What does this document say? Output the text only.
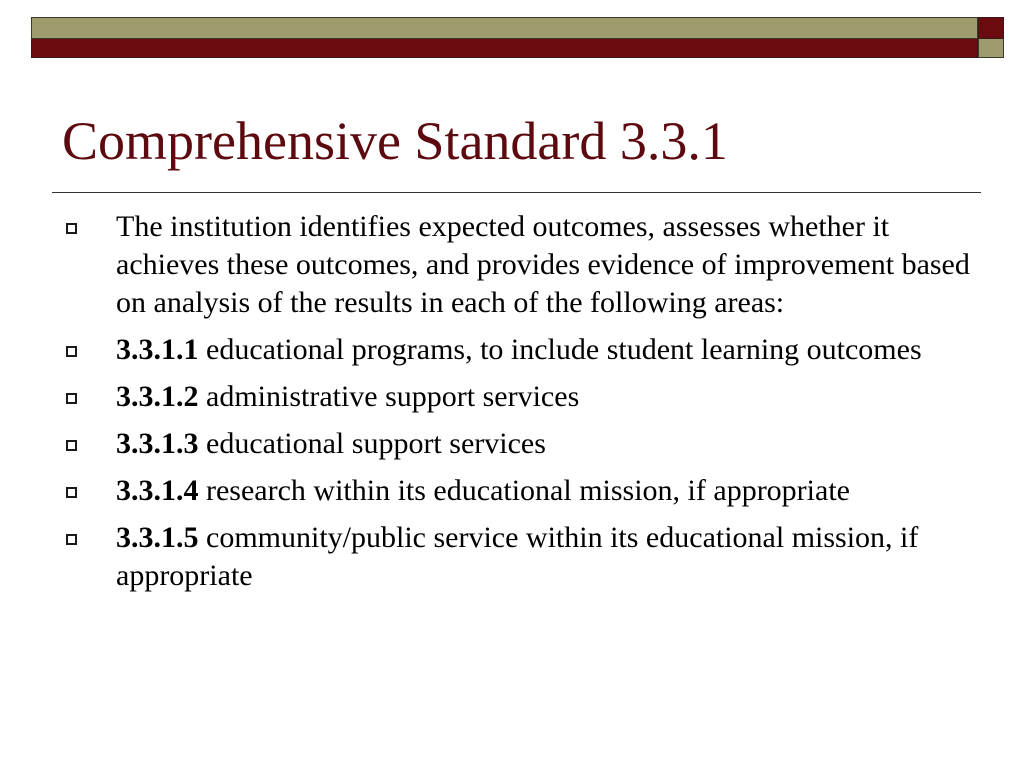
Comprehensive Standard 3.3.1
The institution identifies expected outcomes, assesses whether it achieves these outcomes, and provides evidence of improvement based on analysis of the results in each of the following areas:
3.3.1.1 educational programs, to include student learning outcomes
3.3.1.2 administrative support services
3.3.1.3 educational support services
3.3.1.4 research within its educational mission, if appropriate
3.3.1.5 community/public service within its educational mission, if appropriate
